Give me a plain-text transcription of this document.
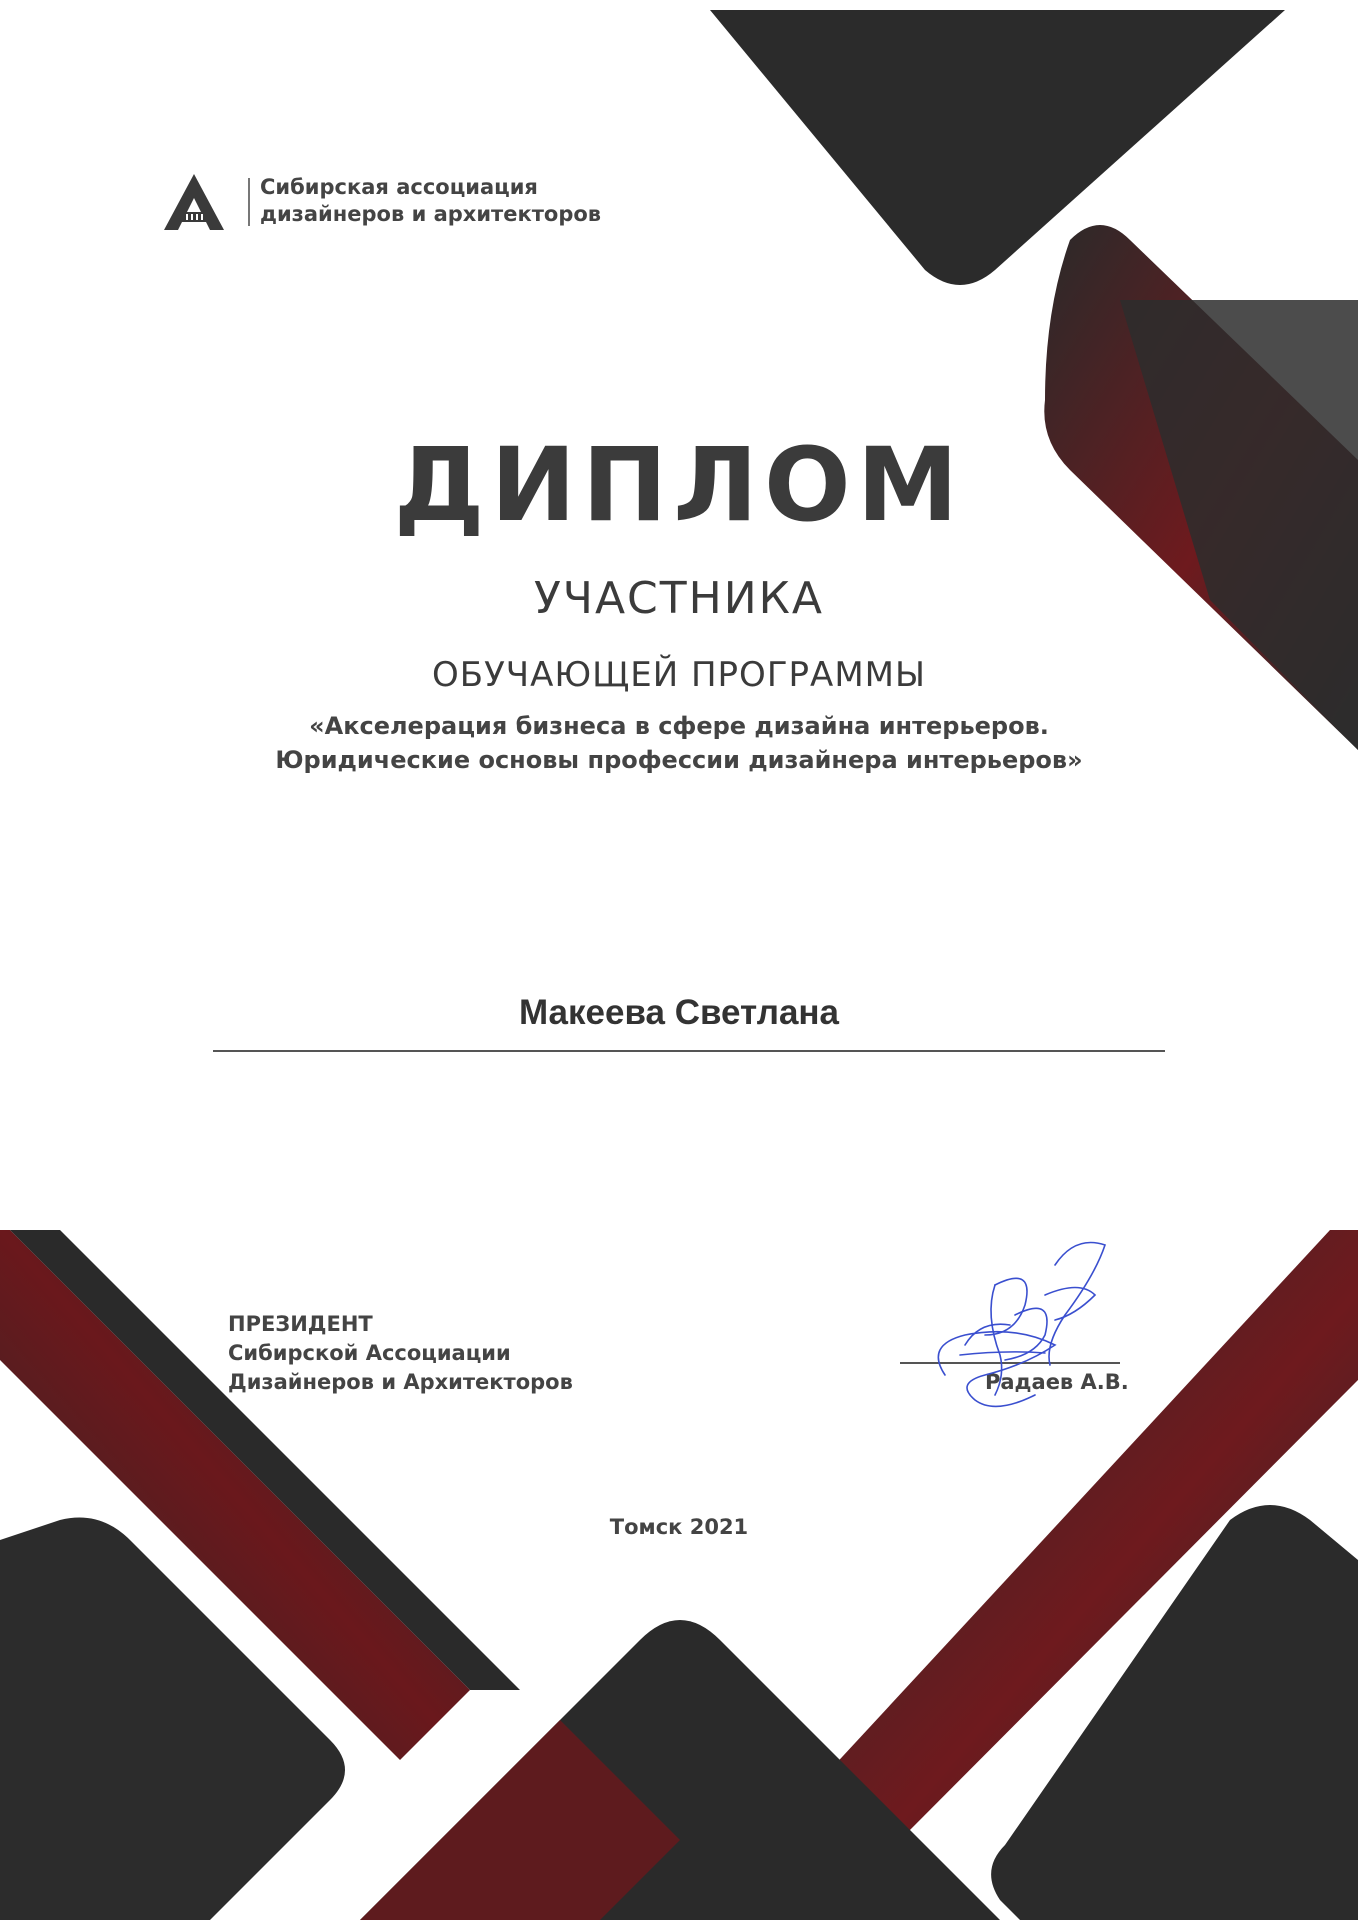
Сибирская ассоциация
дизайнеров и архитекторов
ДИПЛОМ
УЧАСТНИКА
ОБУЧАЮЩЕЙ ПРОГРАММЫ
«Акселерация бизнеса в сфере дизайна интерьеров.
Юридические основы профессии дизайнера интерьеров»
Макеева Светлана
ПРЕЗИДЕНТ
Сибирской Ассоциации
Дизайнеров и Архитекторов	Радаев А.В.
Томск 2021
